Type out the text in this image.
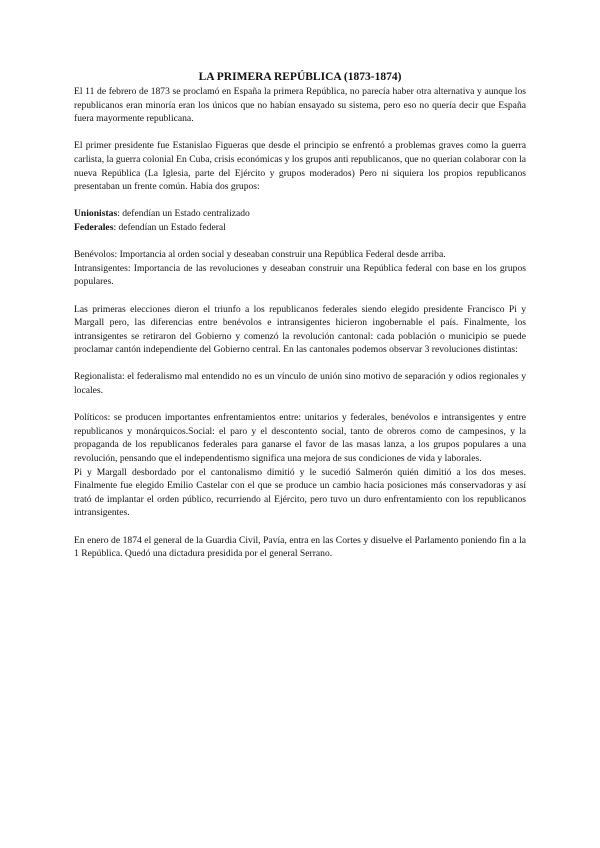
LA PRIMERA REPÚBLICA (1873-1874)

El 11 de febrero de 1873 se proclamó en España la primera República, no parecía haber otra alternativa y aunque los republicanos eran minoría eran los únicos que no habían ensayado su sistema, pero eso no quería decir que España fuera mayormente republicana.

El primer presidente fue Estanislao Figueras que desde el principio se enfrentó a problemas graves como la guerra carlista, la guerra colonial En Cuba, crisis económicas y los grupos anti republicanos, que no querían colaborar con la nueva República (La Iglesia, parte del Ejército y grupos moderados) Pero ni siquiera los propios republicanos presentaban un frente común. Había dos grupos:

Unionistas: defendían un Estado centralizado

Federales: defendían un Estado federal

Benévolos: Importancia al orden social y deseaban construir una República Federal desde arriba.

Intransigentes: Importancia de las revoluciones y deseaban construir una República federal con base en los grupos populares.

Las primeras elecciones dieron el triunfo a los republicanos federales siendo elegido presidente Francisco Pi y Margall pero, las diferencias entre benévolos e intransigentes hicieron ingobernable el país. Finalmente, los intransigentes se retiraron del Gobierno y comenzó la revolución cantonal: cada población o municipio se puede proclamar cantón independiente del Gobierno central. En las cantonales podemos observar 3 revoluciones distintas:

Regionalista: el federalismo mal entendido no es un vínculo de unión sino motivo de separación y odios regionales y locales.

Políticos: se producen importantes enfrentamientos entre: unitarios y federales, benévolos e intransigentes y entre republicanos y monárquicos.Social: el paro y el descontento social, tanto de obreros como de campesinos, y la propaganda de los republicanos federales para ganarse el favor de las masas lanza, a los grupos populares a una revolución, pensando que el independentismo significa una mejora de sus condiciones de vida y laborales.

Pi y Margall desbordado por el cantonalismo dimitió y le sucedió Salmerón quién dimitió a los dos meses. Finalmente fue elegido Emilio Castelar con el que se produce un cambio hacia posiciones más conservadoras y así trató de implantar el orden público, recurriendo al Ejército, pero tuvo un duro enfrentamiento con los republicanos intransigentes.

En enero de 1874 el general de la Guardia Civil, Pavía, entra en las Cortes y disuelve el Parlamento poniendo fin a la 1 República. Quedó una dictadura presidida por el general Serrano.
